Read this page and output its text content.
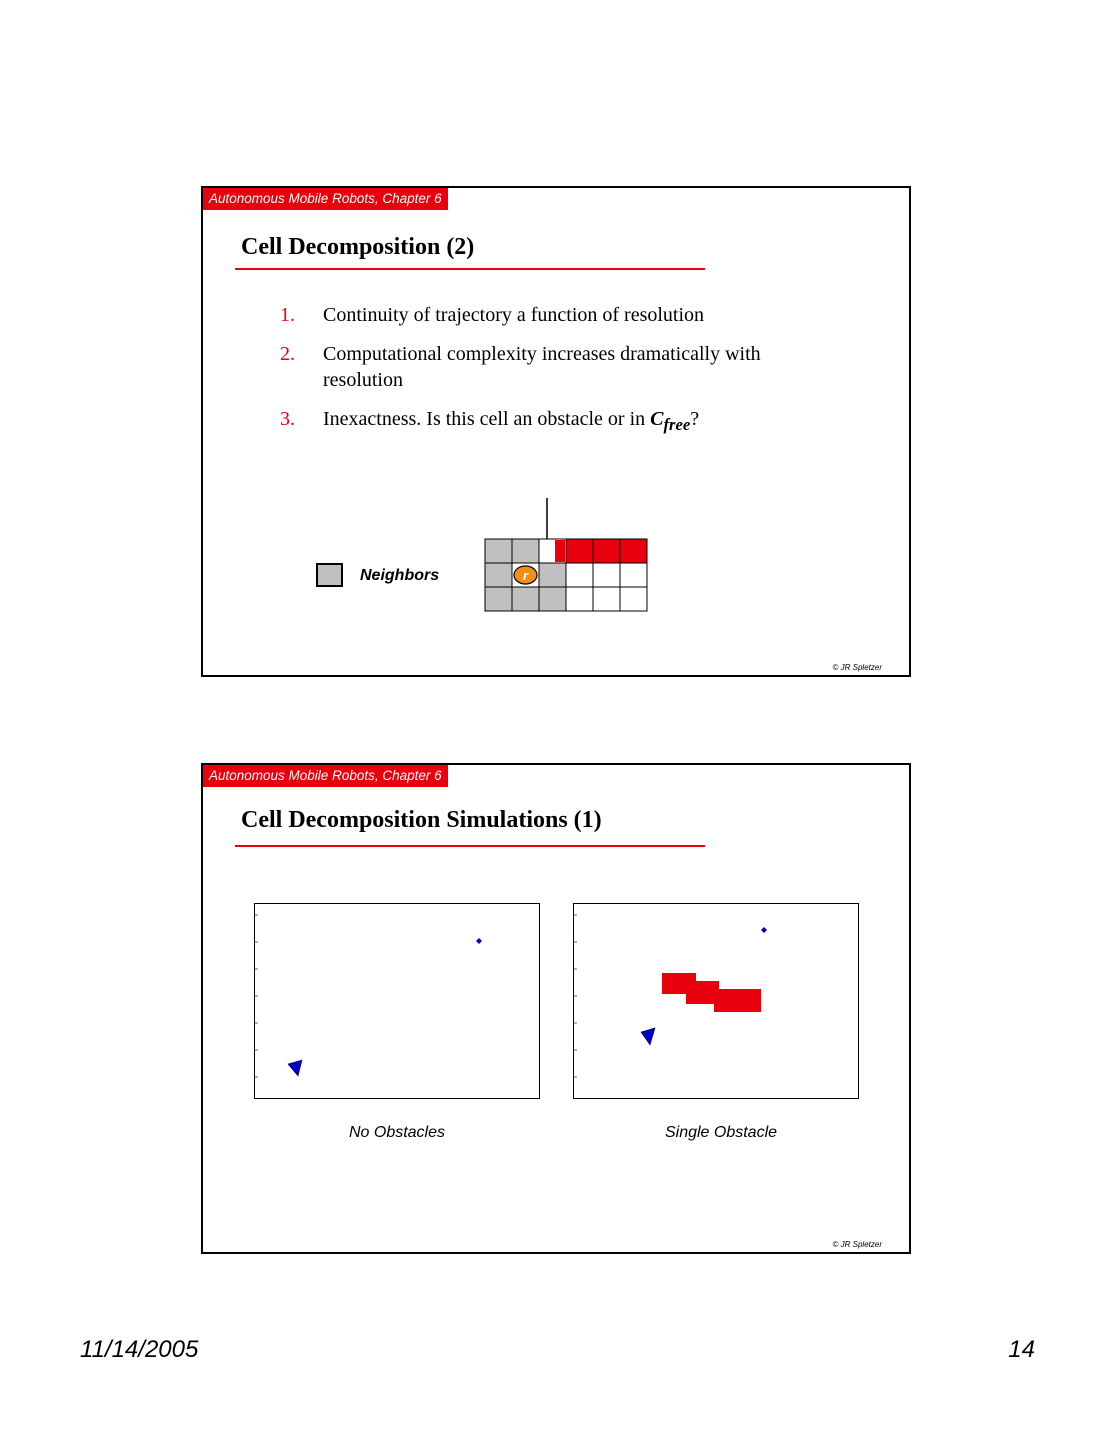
Autonomous Mobile Robots, Chapter 6
Cell Decomposition (2)
1. Continuity of trajectory a function of resolution
2. Computational complexity increases dramatically with resolution
3. Inexactness. Is this cell an obstacle or in $C_{free}$?
Neighbors	r
© JR Spletzer
Autonomous Mobile Robots, Chapter 6
Cell Decomposition Simulations (1)
No Obstacles	Single Obstacle
© JR Spletzer
11/14/2005	14
